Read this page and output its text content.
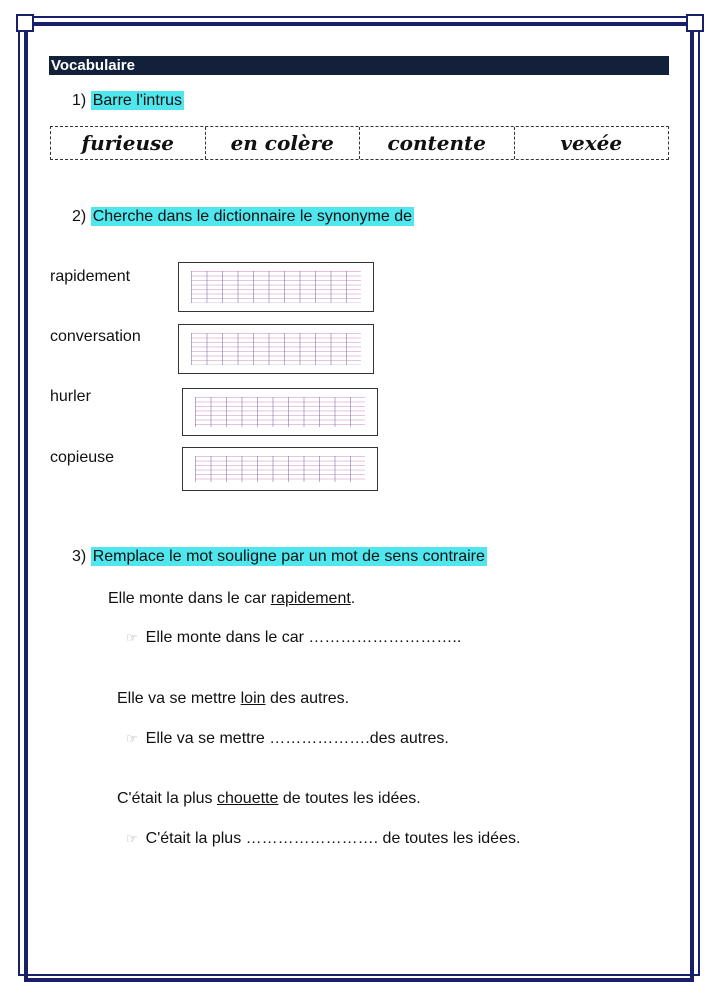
Vocabulaire
1) Barre l'intrus
furieuse	en colère	contente	vexée
2) Cherche dans le dictionnaire le synonyme de
rapidement
conversation
hurler
copieuse
3) Remplace le mot souligne par un mot de sens contraire
Elle monte dans le car rapidement.
☞ Elle monte dans le car ………………………..
Elle va se mettre loin des autres.
☞ Elle va se mettre ……………….des autres.
C'était la plus chouette de toutes les idées.
☞ C'était la plus ……………………. de toutes les idées.
